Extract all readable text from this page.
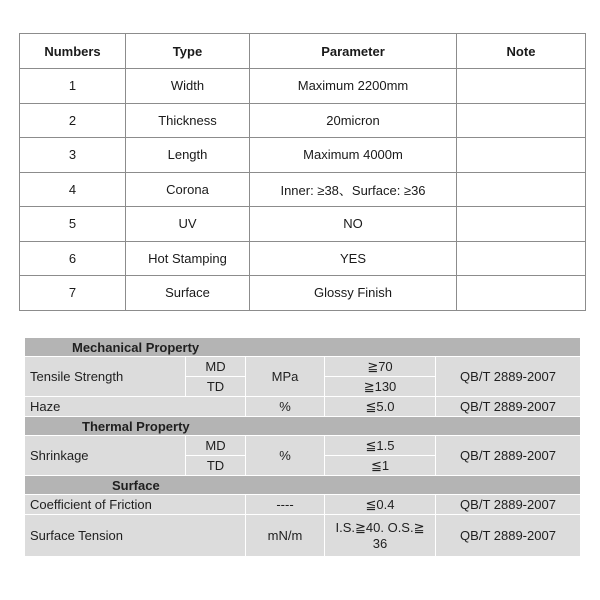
Numbers	Type	Parameter	Note
1	Width	Maximum 2200mm	
2	Thickness	20micron	
3	Length	Maximum 4000m	
4	Corona	Inner: ≥38、Surface: ≥36	
5	UV	NO	
6	Hot Stamping	YES	
7	Surface	Glossy Finish	
Mechanical Property				
Tensile Strength	MD	MPa	≧70	QB/T 2889-2007
	TD		≧130	
Haze		%	≦5.0	QB/T 2889-2007
Thermal Property				
Shrinkage	MD	%	≦1.5	QB/T 2889-2007
	TD		≦1	
Surface				
Coefficient of Friction		----	≦0.4	QB/T 2889-2007
Surface Tension		mN/m	I.S.≧40. O.S.≧ 36	QB/T 2889-2007
